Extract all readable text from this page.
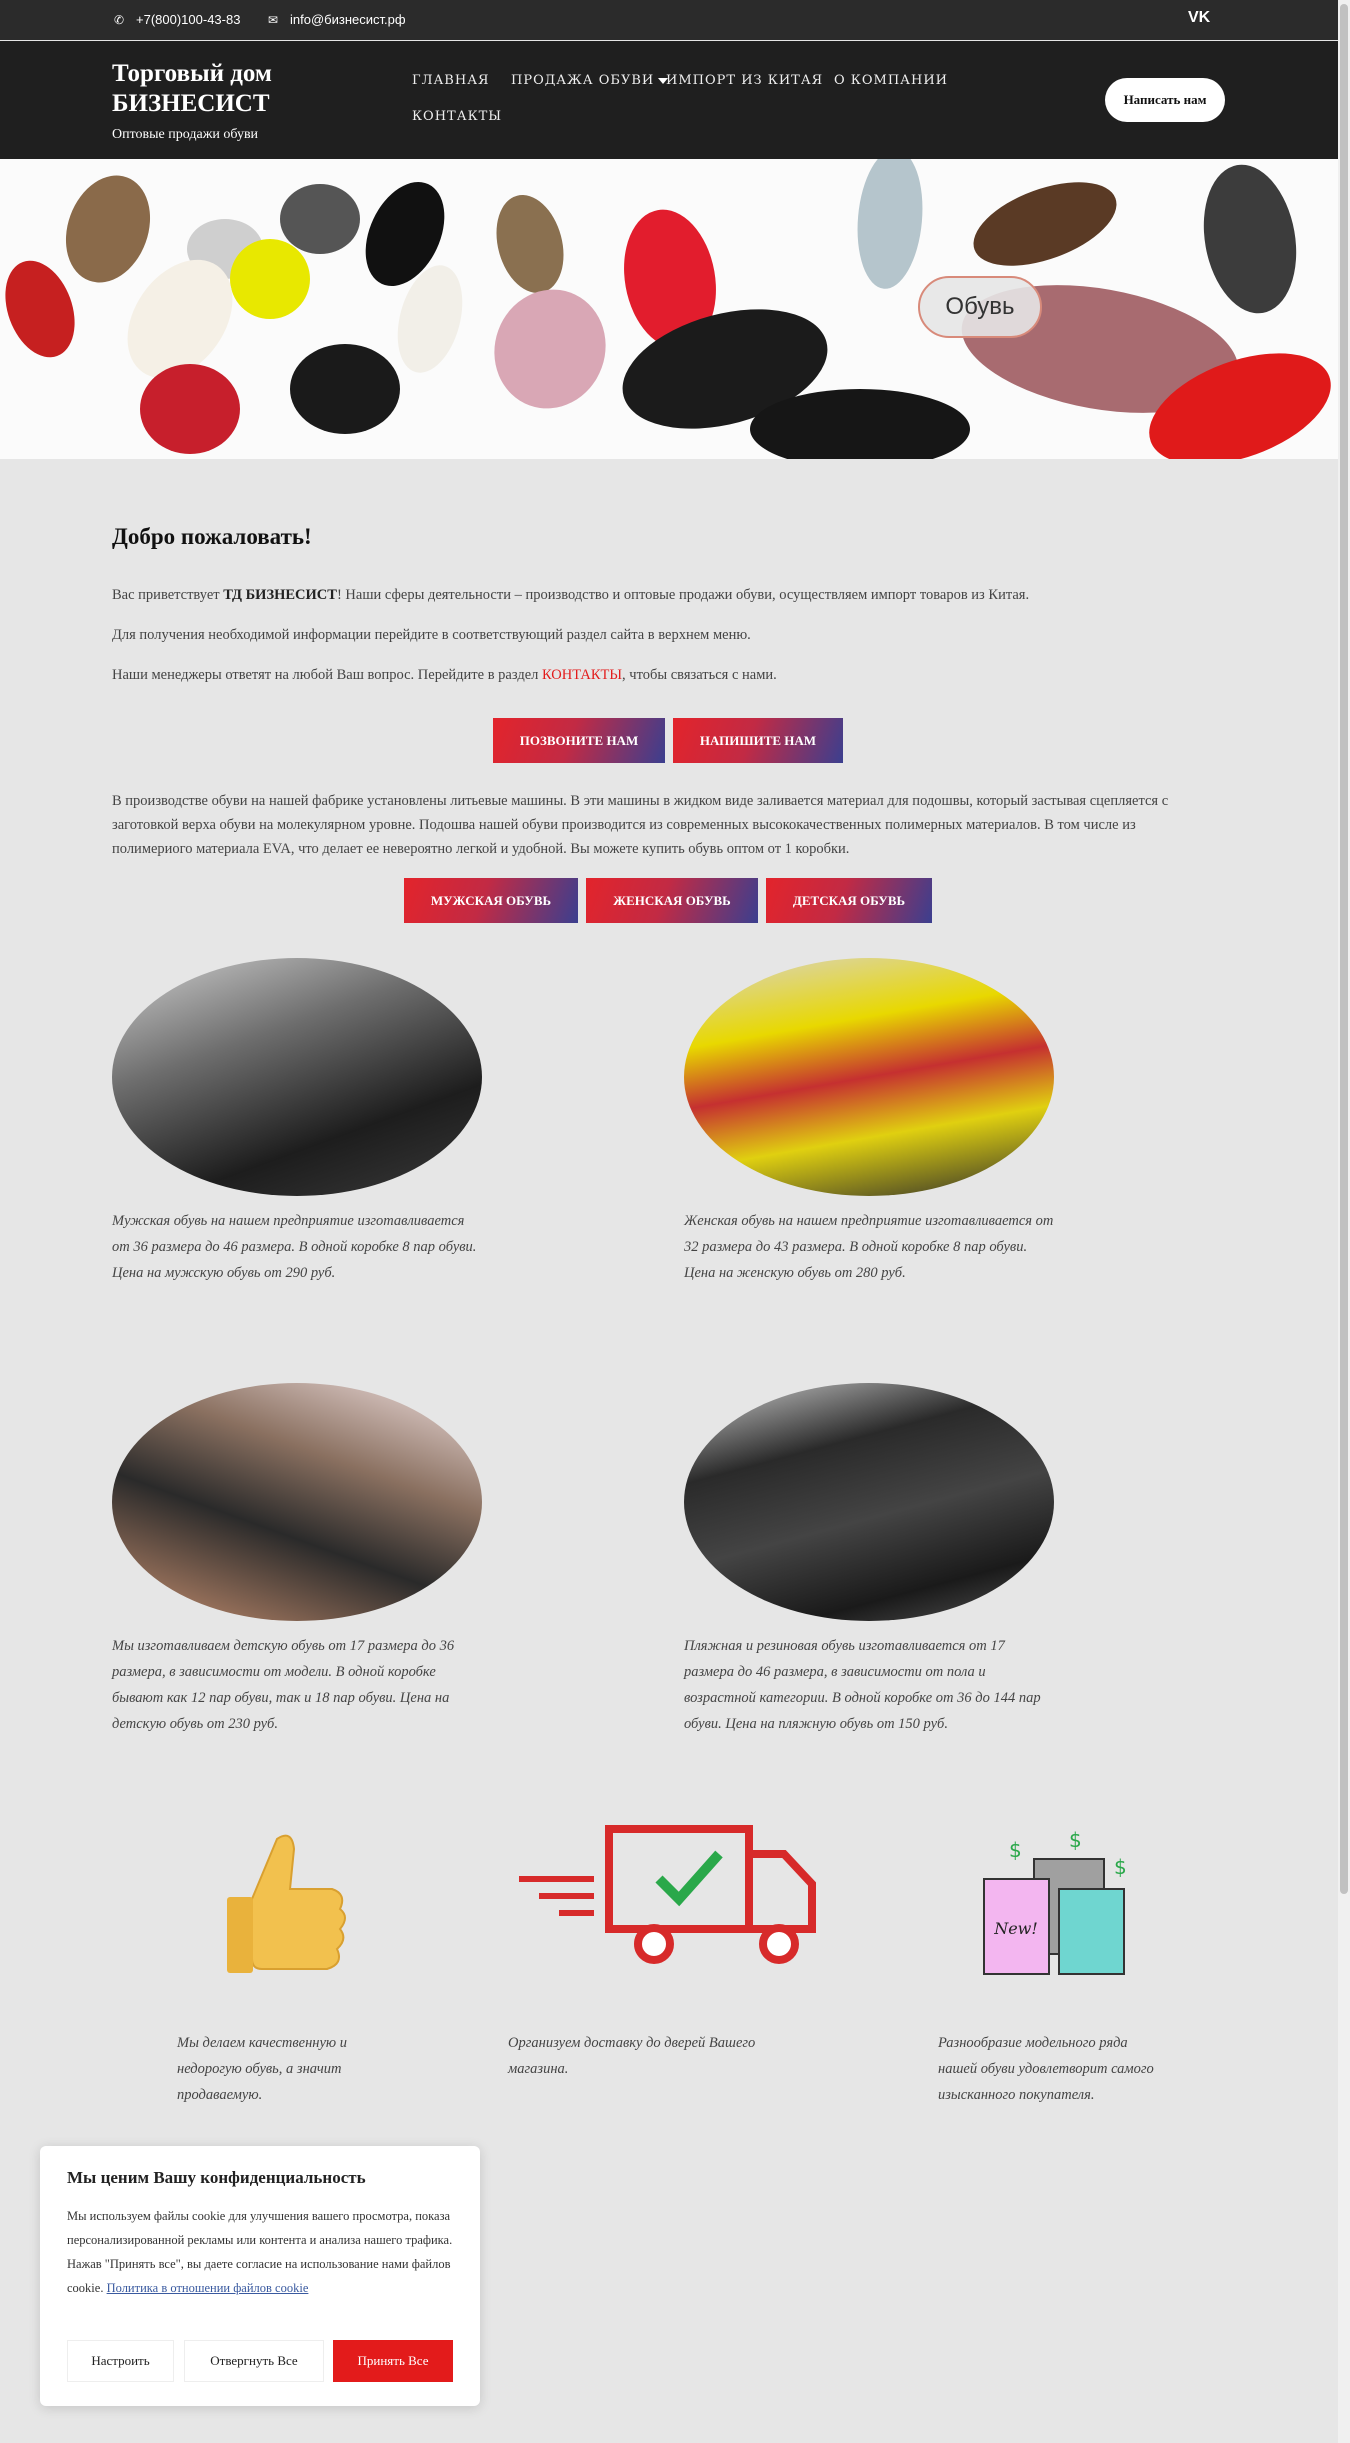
✆ +7(800)100-43-83 ✉ info@бизнесист.рф	VK
Торговый дом
БИЗНЕСИСТ
Оптовые продажи обуви
ГЛАВНАЯ ПРОДАЖА ОБУВИ ИМПОРТ ИЗ КИТАЯ О КОМПАНИИ
КОНТАКТЫ
Написать нам
Обувь
Добро пожаловать!
Вас приветствует ТД БИЗНЕСИСТ! Наши сферы деятельности – производство и оптовые продажи обуви, осуществляем импорт товаров из Китая.
Для получения необходимой информации перейдите в соответствующий раздел сайта в верхнем меню.
Наши менеджеры ответят на любой Ваш вопрос. Перейдите в раздел КОНТАКТЫ, чтобы связаться с нами.
ПОЗВОНИТЕ НАМ	НАПИШИТЕ НАМ
В производстве обуви на нашей фабрике установлены литьевые машины. В эти машины в жидком виде заливается материал для подошвы, который застывая сцепляется с заготовкой верха обуви на молекулярном уровне. Подошва нашей обуви производится из современных высококачественных полимерных материалов. В том числе из полимериого материала EVA, что делает ее невероятно легкой и удобной. Вы можете купить обувь оптом от 1 коробки.
МУЖСКАЯ ОБУВЬ	ЖЕНСКАЯ ОБУВЬ	ДЕТСКАЯ ОБУВЬ
Мужская обувь на нашем предприятие изготавливается от 36 размера до 46 размера. В одной коробке 8 пар обуви. Цена на мужскую обувь от 290 руб.
Женская обувь на нашем предприятие изготавливается от 32 размера до 43 размера. В одной коробке 8 пар обуви. Цена на женскую обувь от 280 руб.
Мы изготавливаем детскую обувь от 17 размера до 36 размера, в зависимости от модели. В одной коробке бывают как 12 пар обуви, так и 18 пар обуви. Цена на детскую обувь от 230 руб.
Пляжная и резиновая обувь изготавливается от 17 размера до 46 размера, в зависимости от пола и возрастной категории. В одной коробке от 36 до 144 пар обуви. Цена на пляжную обувь от 150 руб.
New!
$ $
$
Мы делаем качественную и недорогую обувь, а значит продаваемую.
Организуем доставку до дверей Вашего магазина.
Разнообразие модельного ряда нашей обуви удовлетворит самого изысканного покупателя.
Мы ценим Вашу конфиденциальность
Мы используем файлы cookie для улучшения вашего просмотра, показа персонализированной рекламы или контента и анализа нашего трафика. Нажав "Принять все", вы даете согласие на использование нами файлов cookie. Политика в отношении файлов cookie
Настроить	Отвергнуть Все	Принять Все
